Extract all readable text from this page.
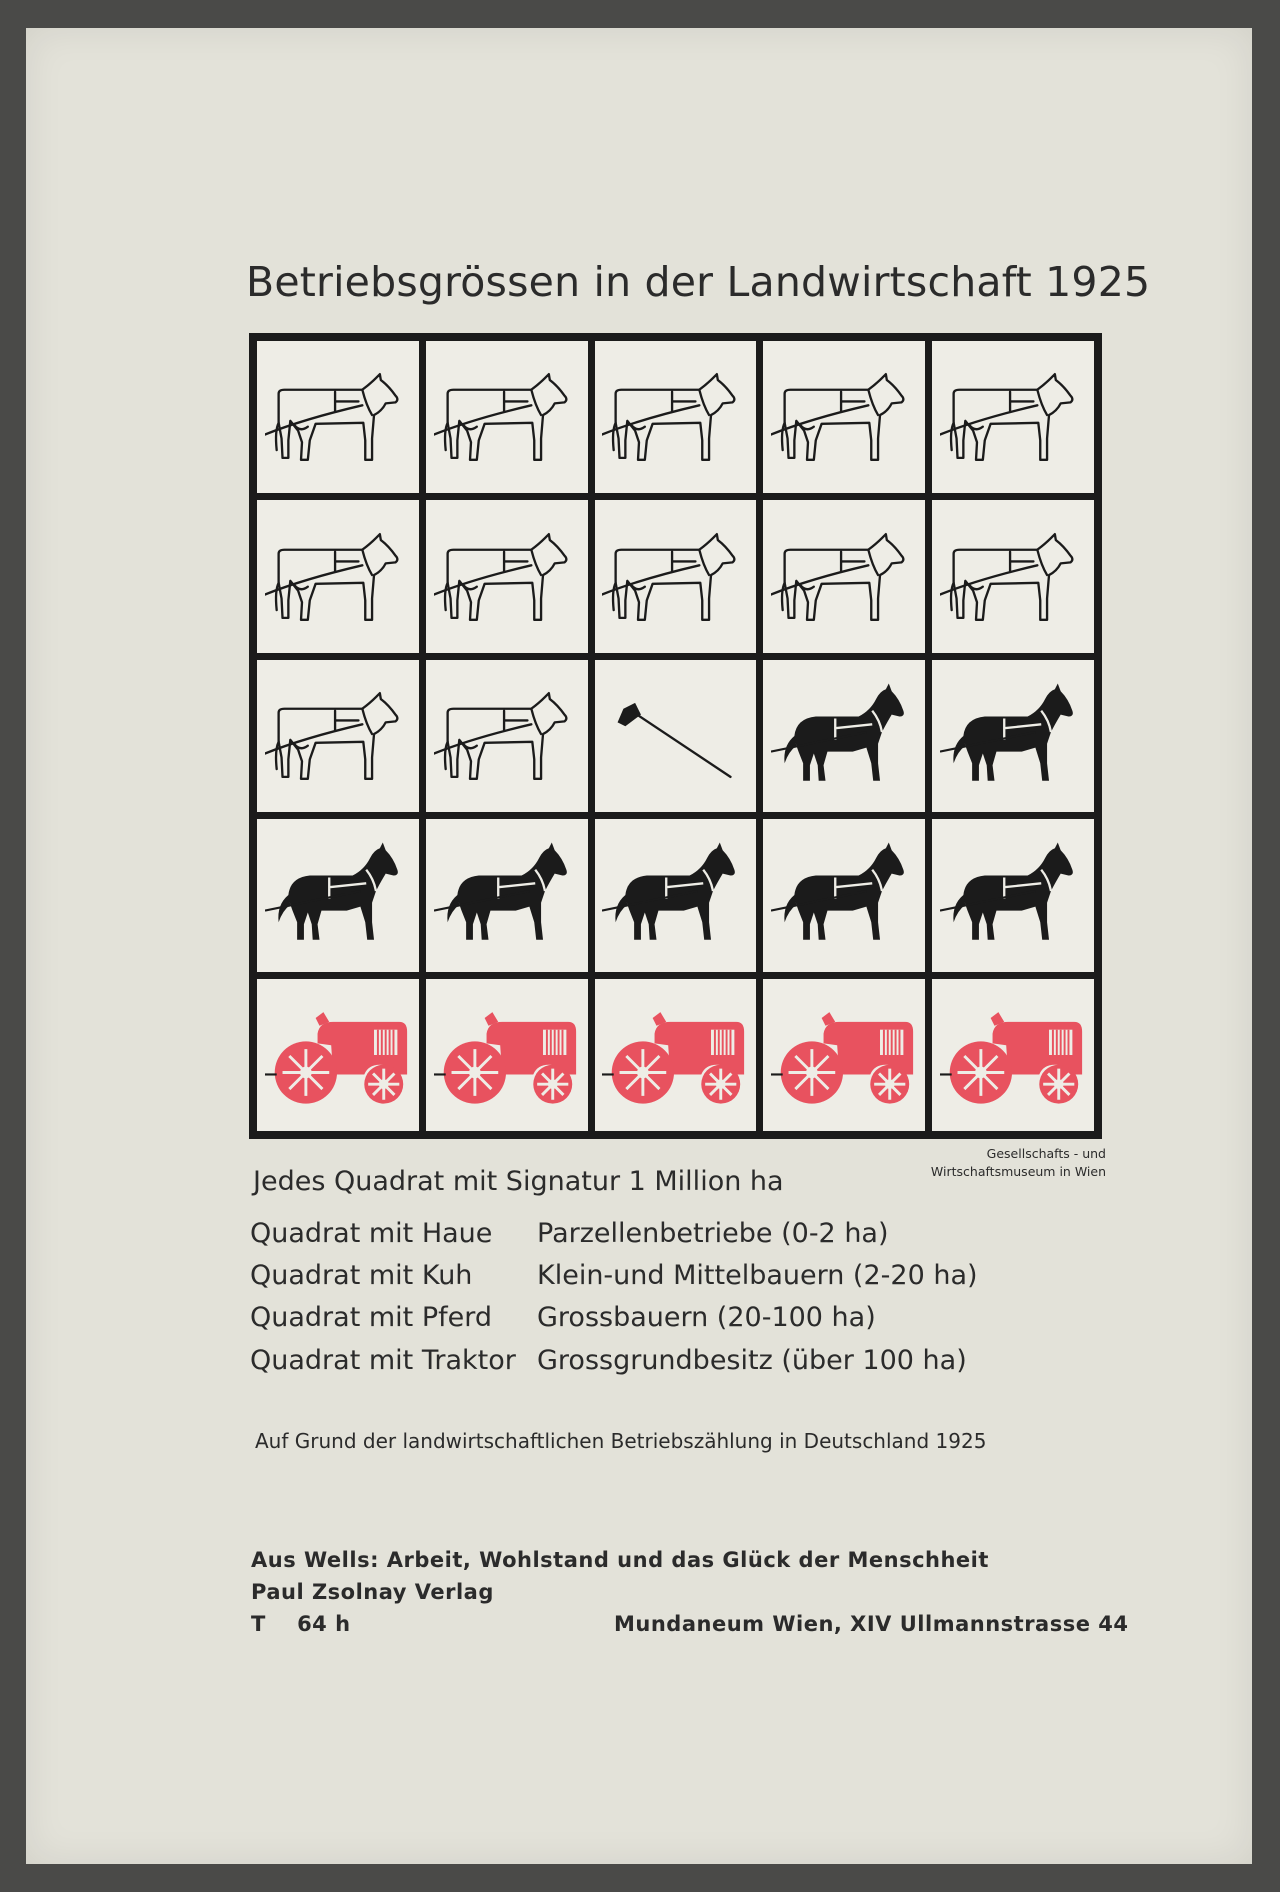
Betriebsgrössen in der Landwirtschaft 1925
Gesellschafts - und
Wirtschaftsmuseum in Wien
Jedes Quadrat mit Signatur 1 Million ha
Quadrat mit Haue Parzellenbetriebe (0-2 ha)
Quadrat mit Kuh Klein-und Mittelbauern (2-20 ha)
Quadrat mit Pferd Grossbauern (20-100 ha)
Quadrat mit Traktor Grossgrundbesitz (über 100 ha)
Auf Grund der landwirtschaftlichen Betriebszählung in Deutschland 1925
Aus Wells: Arbeit, Wohlstand und das Glück der Menschheit
Paul Zsolnay Verlag
T    64 h	Mundaneum Wien, XIV Ullmannstrasse 44
